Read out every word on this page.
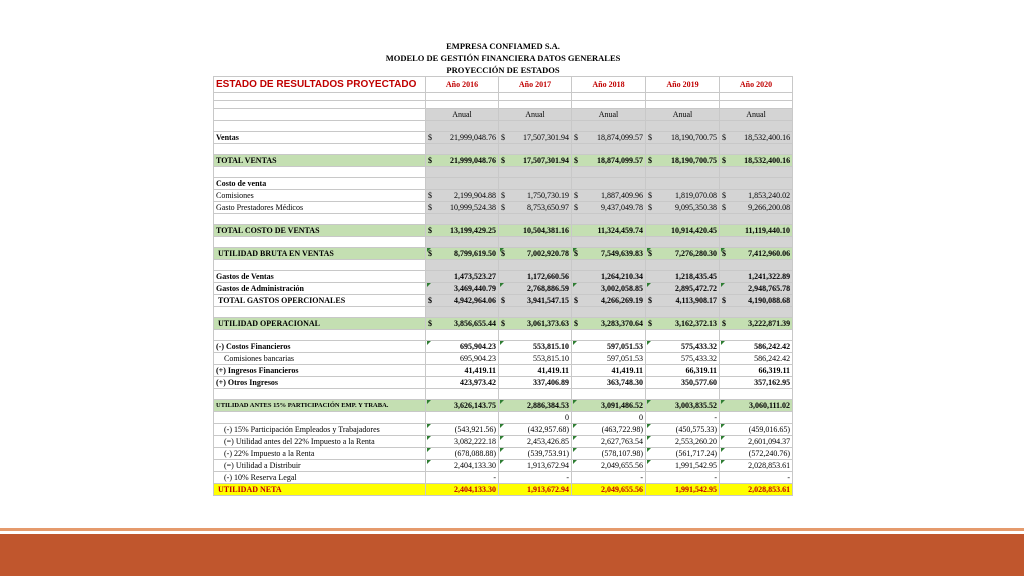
EMPRESA CONFIAMED S.A.					
MODELO DE GESTIÓN FINANCIERA DATOS GENERALES					
PROYECCIÓN DE ESTADOS					
ESTADO DE RESULTADOS PROYECTADO	Año 2016	Año 2017	Año 2018	Año 2019	Año 2020

	Anual	Anual	Anual	Anual	Anual

Ventas	$ 21,999,048.76	$ 17,507,301.94	$ 18,874,099.57	$ 18,190,700.75	$ 18,532,400.16

TOTAL VENTAS	$ 21,999,048.76	$ 17,507,301.94	$ 18,874,099.57	$ 18,190,700.75	$ 18,532,400.16

Costo de venta					
Comisiones	$ 2,199,904.88	$ 1,750,730.19	$ 1,887,409.96	$ 1,819,070.08	$ 1,853,240.02

Gasto Prestadores Médicos	$ 10,999,524.38	$ 8,753,650.97	$ 9,437,049.78	$ 9,095,350.38	$ 9,266,200.08

TOTAL COSTO DE VENTAS	$ 13,199,429.25	10,504,381.16	11,324,459.74	10,914,420.45	11,119,440.10

UTILIDAD BRUTA EN VENTAS	$ 8,799,619.50	$ 7,002,920.78	$ 7,549,639.83	$ 7,276,280.30	$ 7,412,960.06

Gastos de Ventas	1,473,523.27	1,172,660.56	1,264,210.34	1,218,435.45	1,241,322.89
Gastos de Administración	3,469,440.79	2,768,886.59	3,002,058.85	2,895,472.72	2,948,765.78
TOTAL GASTOS OPERCIONALES	$ 4,942,964.06	$ 3,941,547.15	$ 4,266,269.19	$ 4,113,908.17	$ 4,190,088.68

UTILIDAD OPERACIONAL	$ 3,856,655.44	$ 3,061,373.63	$ 3,283,370.64	$ 3,162,372.13	$ 3,222,871.39

(-) Costos Financieros	695,904.23	553,815.10	597,051.53	575,433.32	586,242.42
Comisiones bancarias	695,904.23	553,815.10	597,051.53	575,433.32	586,242.42
(+) Ingresos Financieros	41,419.11	41,419.11	41,419.11	66,319.11	66,319.11
(+) Otros Ingresos	423,973.42	337,406.89	363,748.30	350,577.60	357,162.95

UTILIDAD ANTES 15% PARTICIPACIÓN EMP. Y TRABA.	3,626,143.75	2,886,384.53	3,091,486.52	3,003,835.52	3,060,111.02
		0	0	-	
(-) 15% Participación Empleados y Trabajadores	(543,921.56)	(432,957.68)	(463,722.98)	(450,575.33)	(459,016.65)
(=) Utilidad antes del 22% Impuesto a la Renta	3,082,222.18	2,453,426.85	2,627,763.54	2,553,260.20	2,601,094.37
(-) 22% Impuesto a la Renta	(678,088.88)	(539,753.91)	(578,107.98)	(561,717.24)	(572,240.76)
(=) Utilidad a Distribuir	2,404,133.30	1,913,672.94	2,049,655.56	1,991,542.95	2,028,853.61
(-) 10% Reserva Legal	-	-	-	-	-
UTILIDAD NETA	2,404,133.30	1,913,672.94	2,049,655.56	1,991,542.95	2,028,853.61
